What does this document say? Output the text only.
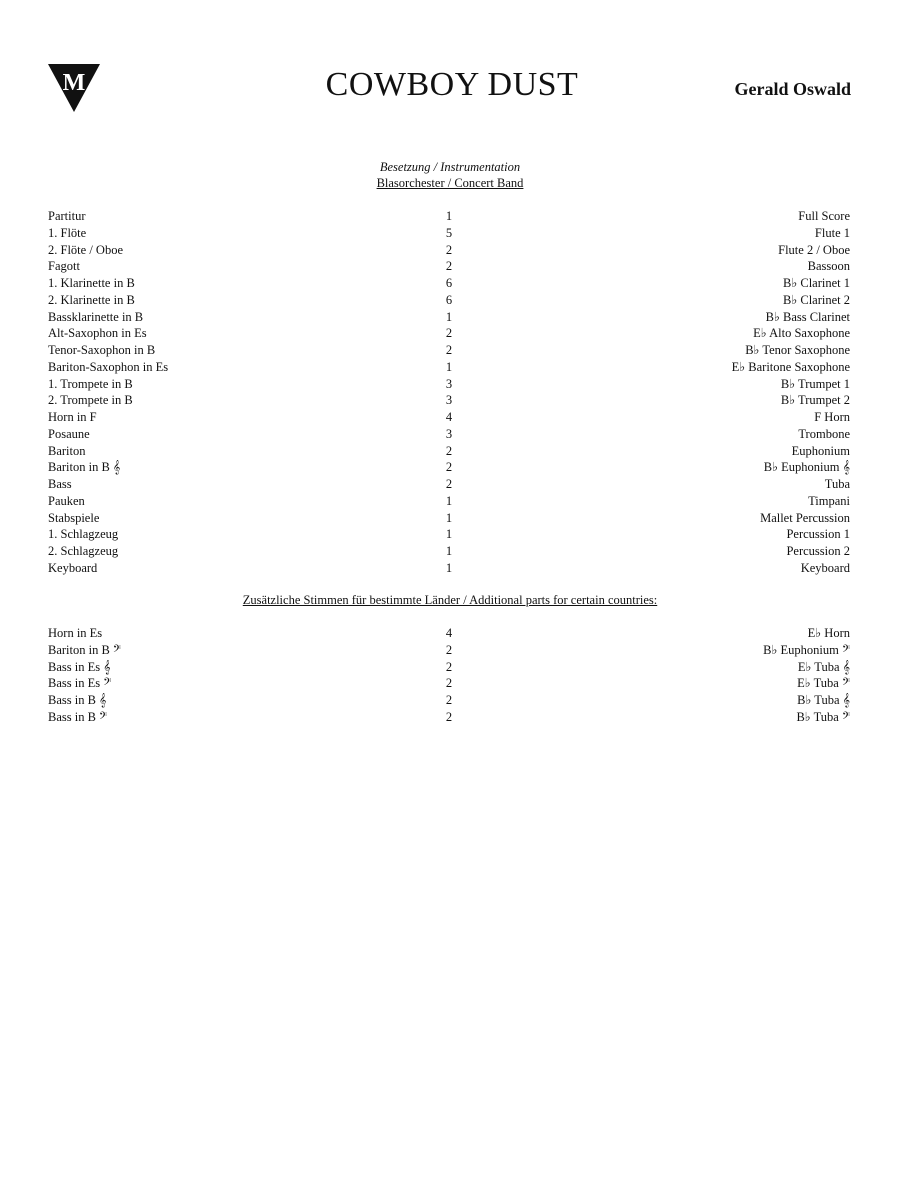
M	COWBOY DUST	Gerald Oswald
Besetzung / Instrumentation
Blasorchester / Concert Band
Partitur	1	Full Score
1. Flöte	5	Flute 1
2. Flöte / Oboe	2	Flute 2 / Oboe
Fagott	2	Bassoon
1. Klarinette in B	6	B♭ Clarinet 1
2. Klarinette in B	6	B♭ Clarinet 2
Bassklarinette in B	1	B♭ Bass Clarinet
Alt-Saxophon in Es	2	E♭ Alto Saxophone
Tenor-Saxophon in B	2	B♭ Tenor Saxophone
Bariton-Saxophon in Es	1	E♭ Baritone Saxophone
1. Trompete in B	3	B♭ Trumpet 1
2. Trompete in B	3	B♭ Trumpet 2
Horn in F	4	F Horn
Posaune	3	Trombone
Bariton	2	Euphonium
Bariton in B 𝄞	2	B♭ Euphonium 𝄞
Bass	2	Tuba
Pauken	1	Timpani
Stabspiele	1	Mallet Percussion
1. Schlagzeug	1	Percussion 1
2. Schlagzeug	1	Percussion 2
Keyboard	1	Keyboard
Zusätzliche Stimmen für bestimmte Länder / Additional parts for certain countries:
Horn in Es	4	E♭ Horn
Bariton in B 𝄢	2	B♭ Euphonium 𝄢
Bass in Es 𝄞	2	E♭ Tuba 𝄞
Bass in Es 𝄢	2	E♭ Tuba 𝄢
Bass in B 𝄞	2	B♭ Tuba 𝄞
Bass in B 𝄢	2	B♭ Tuba 𝄢
